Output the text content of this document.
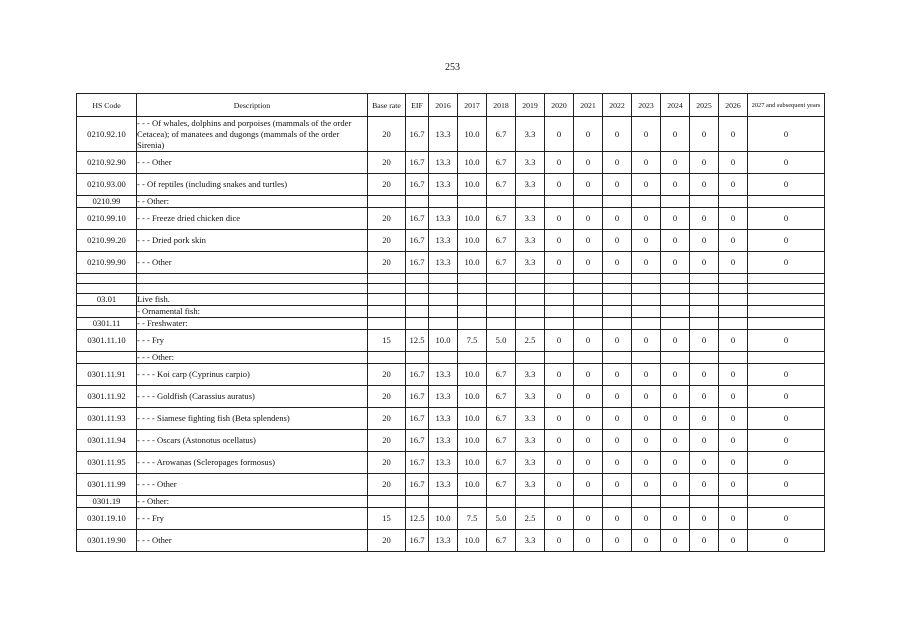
253
HS Code	Description	Base rate	EIF	2016	2017	2018	2019	2020	2021	2022	2023	2024	2025	2026	2027 and subsequent years
0210.92.10	- - - Of whales, dolphins and porpoises (mammals of the order Cetacea); of manatees and dugongs (mammals of the order Sirenia)	20	16.7	13.3	10.0	6.7	3.3	0	0	0	0	0	0	0	0
0210.92.90	- - - Other	20	16.7	13.3	10.0	6.7	3.3	0	0	0	0	0	0	0	0
0210.93.00	- - Of reptiles (including snakes and turtles)	20	16.7	13.3	10.0	6.7	3.3	0	0	0	0	0	0	0	0
0210.99	- - Other:														
0210.99.10	- - - Freeze dried chicken dice	20	16.7	13.3	10.0	6.7	3.3	0	0	0	0	0	0	0	0
0210.99.20	- - - Dried pork skin	20	16.7	13.3	10.0	6.7	3.3	0	0	0	0	0	0	0	0
0210.99.90	- - - Other	20	16.7	13.3	10.0	6.7	3.3	0	0	0	0	0	0	0	0

03.01	Live fish.														
	- Ornamental fish:														
0301.11	- - Freshwater:														
0301.11.10	- - - Fry	15	12.5	10.0	7.5	5.0	2.5	0	0	0	0	0	0	0	0
	- - - Other:														
0301.11.91	- - - - Koi carp (Cyprinus carpio)	20	16.7	13.3	10.0	6.7	3.3	0	0	0	0	0	0	0	0
0301.11.92	- - - - Goldfish (Carassius auratus)	20	16.7	13.3	10.0	6.7	3.3	0	0	0	0	0	0	0	0
0301.11.93	- - - - Siamese fighting fish (Beta splendens)	20	16.7	13.3	10.0	6.7	3.3	0	0	0	0	0	0	0	0
0301.11.94	- - - - Oscars (Astonotus ocellatus)	20	16.7	13.3	10.0	6.7	3.3	0	0	0	0	0	0	0	0
0301.11.95	- - - - Arowanas (Scleropages formosus)	20	16.7	13.3	10.0	6.7	3.3	0	0	0	0	0	0	0	0
0301.11.99	- - - - Other	20	16.7	13.3	10.0	6.7	3.3	0	0	0	0	0	0	0	0
0301.19	- - Other:														
0301.19.10	- - - Fry	15	12.5	10.0	7.5	5.0	2.5	0	0	0	0	0	0	0	0
0301.19.90	- - - Other	20	16.7	13.3	10.0	6.7	3.3	0	0	0	0	0	0	0	0
